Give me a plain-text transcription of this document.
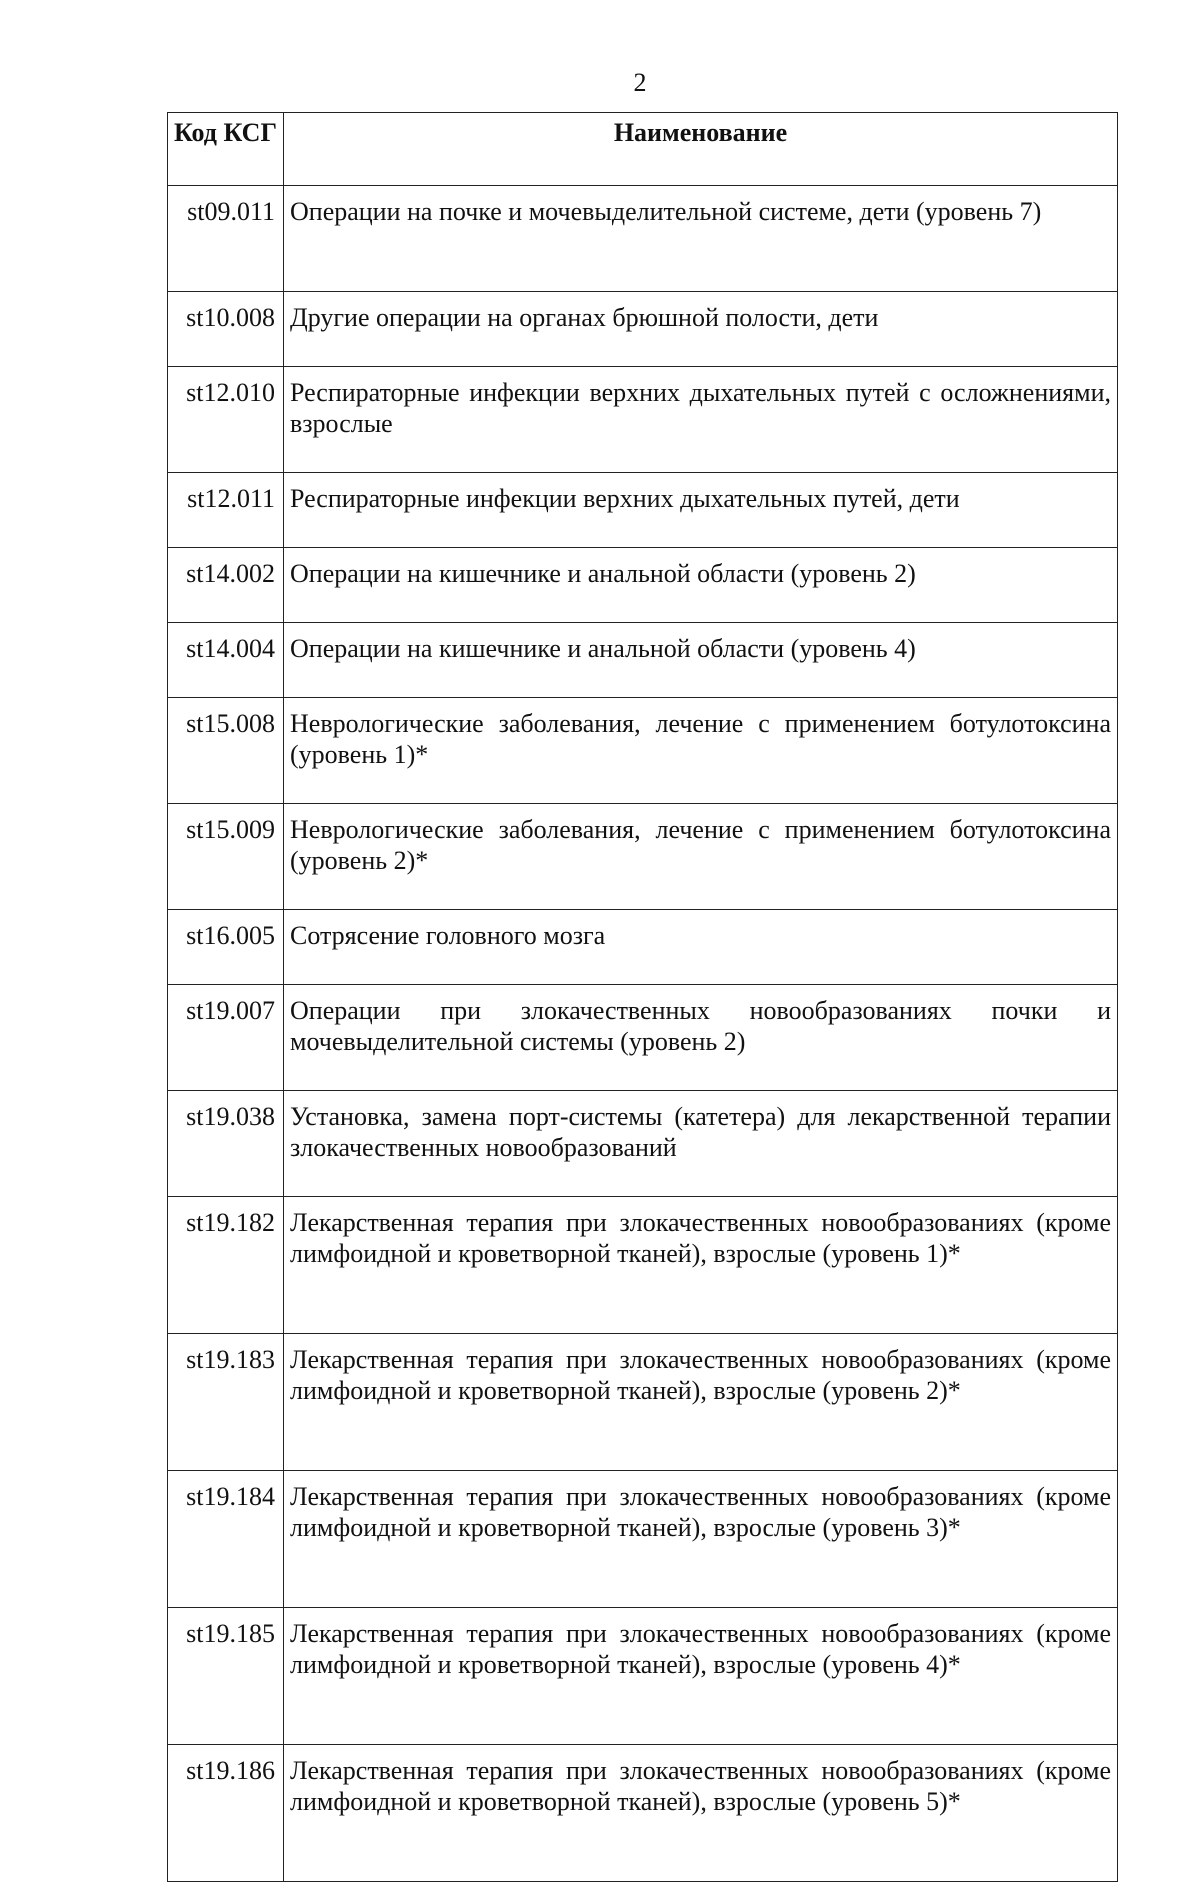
2
Код КСГ	Наименование
st09.011	Операции на почке и мочевыделительной системе, дети (уровень 7)
st10.008	Другие операции на органах брюшной полости, дети
st12.010	Респираторные инфекции верхних дыхательных путей с осложнениями, взрослые
st12.011	Респираторные инфекции верхних дыхательных путей, дети
st14.002	Операции на кишечнике и анальной области (уровень 2)
st14.004	Операции на кишечнике и анальной области (уровень 4)
st15.008	Неврологические заболевания, лечение с применением ботулотоксина (уровень 1)*
st15.009	Неврологические заболевания, лечение с применением ботулотоксина (уровень 2)*
st16.005	Сотрясение головного мозга
st19.007	Операции при злокачественных новообразованиях почки и мочевыделительной системы (уровень 2)
st19.038	Установка, замена порт-системы (катетера) для лекарственной терапии злокачественных новообразований
st19.182	Лекарственная терапия при злокачественных новообразованиях (кроме лимфоидной и кроветворной тканей), взрослые (уровень 1)*
st19.183	Лекарственная терапия при злокачественных новообразованиях (кроме лимфоидной и кроветворной тканей), взрослые (уровень 2)*
st19.184	Лекарственная терапия при злокачественных новообразованиях (кроме лимфоидной и кроветворной тканей), взрослые (уровень 3)*
st19.185	Лекарственная терапия при злокачественных новообразованиях (кроме лимфоидной и кроветворной тканей), взрослые (уровень 4)*
st19.186	Лекарственная терапия при злокачественных новообразованиях (кроме лимфоидной и кроветворной тканей), взрослые (уровень 5)*
